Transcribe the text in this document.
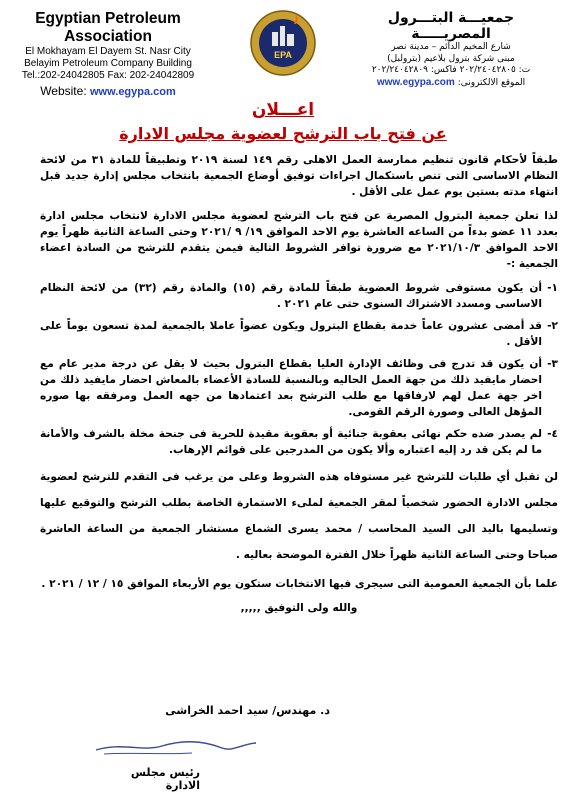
Egyptian Petroleum Association
El Mokhayam El Dayem St. Nasr City
Belayim Petroleum Company Building
Tel.:202-24042805 Fax: 202-24042809
Website: www.egypa.com
EPA
جمعيـــة البتـــرول المصريـــــة
شارع المخيم الدائم – مدينة نصر
مبنى شركة بترول بلاعيم (بترولبل)
ت: ٢٠٢/٢٤٠٤٢٨٠٥ فاكس: ٢٠٢/٢٤٠٤٢٨٠٩
الموقع الالكترونى: www.egypa.com
اعـــلان
عن فتح باب الترشح لعضوية مجلس الادارة

طبقاً لأحكام قانون تنظيم ممارسة العمل الاهلى رقم ١٤٩ لسنة ٢٠١٩ وتطبيقاً للمادة ٣١ من لائحة النظام الاساسى التى تنص باستكمال اجراءات توفيق أوضاع الجمعية بانتخاب مجلس إدارة جديد قبل انتهاء مدته بستين يوم عمل على الأقل .

لذا تعلن جمعية البترول المصرية عن فتح باب الترشح لعضوية مجلس الادارة لانتخاب مجلس ادارة بعدد ١١ عضو بدءاً من الساعه العاشرة يوم الاحد الموافق ١٩/ ٩ /٢٠٢١ وحتى الساعة الثانية ظهراً يوم الاحد الموافق ٢٠٢١/١٠/٣ مع ضرورة توافر الشروط التالية فيمن يتقدم للترشح من السادة اعضاء الجمعية :-

١-
أن يكون مستوفى شروط العضوية طبقاً للمادة رقم (١٥) والمادة رقم (٣٢) من لائحة النظام الاساسى ومسدد الاشتراك السنوى حتى عام ٢٠٢١ .
٢-
قد أمضى عشرون عاماً خدمة بقطاع البترول ويكون عضواً عاملا بالجمعية لمدة تسعون يوماً على الأقل .
٣-
أن يكون قد تدرج فى وظائف الإدارة العليا بقطاع البترول بحيث لا يقل عن درجة مدير عام مع احضار مايفيد ذلك من جهة العمل الحاليه وبالنسبة للسادة الأعضاء بالمعاش احضار مايفيد ذلك من اخر جهة عمل لهم لارفاقها مع طلب الترشح بعد اعتمادها من جهه العمل ومرفقه بها صوره المؤهل العالى وصورة الرقم القومى.
٤-
لم يصدر ضده حكم نهائى بعقوبة جنائية أو بعقوبة مقيدة للحرية فى جنحة مخلة بالشرف والأمانة ما لم يكن قد رد إليه اعتباره وألا يكون من المدرجين على قوائم الإرهاب.

لن تقبل أي طلبات للترشح غير مستوفاه هذه الشروط وعلى من يرغب فى التقدم للترشح لعضوية مجلس الادارة الحضور شخصياً لمقر الجمعية لملىء الاستمارة الخاصة بطلب الترشح والتوقيع عليها وتسليمها باليد الى السيد المحاسب / محمد يسرى الشماع مستشار الجمعية من الساعة العاشرة صباحا وحتى الساعة الثانية ظهراً خلال الفترة الموضحة بعاليه .

علما بأن الجمعية العمومية التى سيجرى فيها الانتخابات ستكون يوم الأربعاء الموافق ١٥ / ١٢ / ٢٠٢١ .

والله ولى التوفيق ,,,,,

د. مهندس/ سيد احمد الخراشى
رئيس مجلس الادارة
